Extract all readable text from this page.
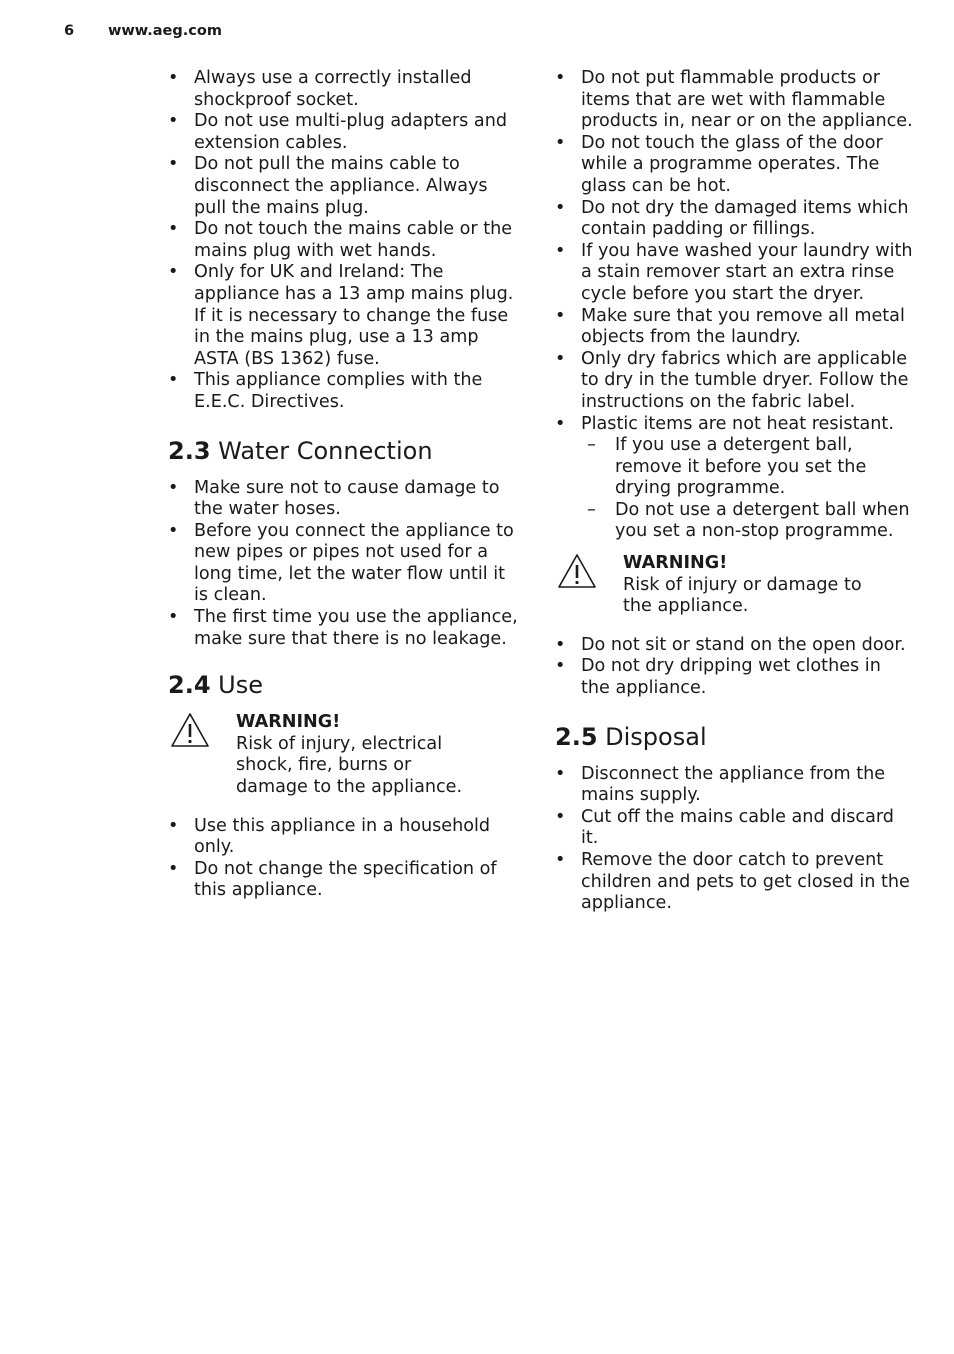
6 www.aeg.com
• Always use a correctly installed shockproof socket.
• Do not use multi-plug adapters and extension cables.
• Do not pull the mains cable to disconnect the appliance. Always pull the mains plug.
• Do not touch the mains cable or the mains plug with wet hands.
• Only for UK and Ireland: The appliance has a 13 amp mains plug. If it is necessary to change the fuse in the mains plug, use a 13 amp ASTA (BS 1362) fuse.
• This appliance complies with the E.E.C. Directives.
2.3 Water Connection
• Make sure not to cause damage to the water hoses.
• Before you connect the appliance to new pipes or pipes not used for a long time, let the water flow until it is clean.
• The first time you use the appliance, make sure that there is no leakage.
2.4 Use
WARNING!
Risk of injury, electrical shock, fire, burns or damage to the appliance.
• Use this appliance in a household only.
• Do not change the specification of this appliance.
• Do not put flammable products or items that are wet with flammable products in, near or on the appliance.
• Do not touch the glass of the door while a programme operates. The glass can be hot.
• Do not dry the damaged items which contain padding or fillings.
• If you have washed your laundry with a stain remover start an extra rinse cycle before you start the dryer.
• Make sure that you remove all metal objects from the laundry.
• Only dry fabrics which are applicable to dry in the tumble dryer. Follow the instructions on the fabric label.
• Plastic items are not heat resistant.
– If you use a detergent ball, remove it before you set the drying programme.
– Do not use a detergent ball when you set a non-stop programme.
WARNING!
Risk of injury or damage to the appliance.
• Do not sit or stand on the open door.
• Do not dry dripping wet clothes in the appliance.
2.5 Disposal
• Disconnect the appliance from the mains supply.
• Cut off the mains cable and discard it.
• Remove the door catch to prevent children and pets to get closed in the appliance.
